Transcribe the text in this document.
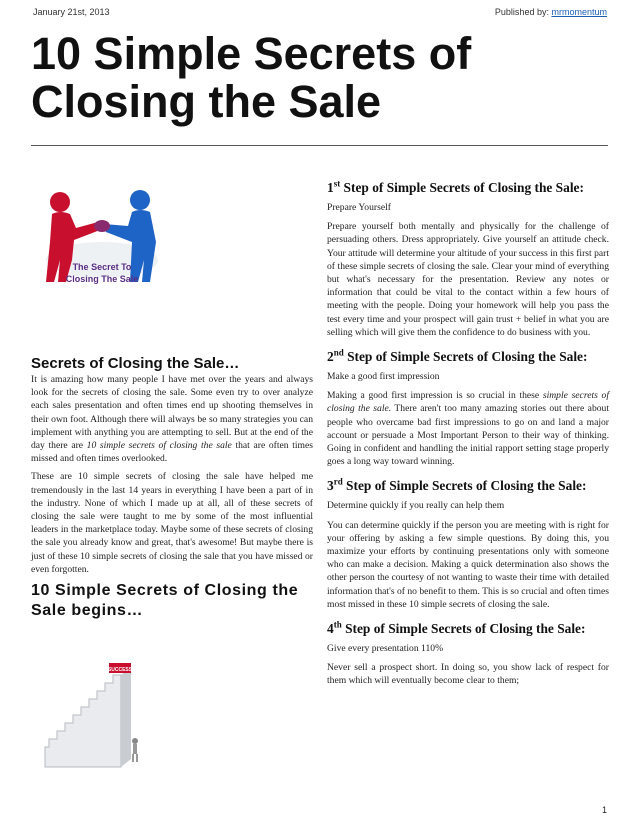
January 21st, 2013	Published by: mrmomentum
10 Simple Secrets of Closing the Sale
The Secret To
Closing The Sale
Secrets of Closing the Sale…

It is amazing how many people I have met over the years and always look for the secrets of closing the sale. Some even try to over analyze each sales presentation and often times end up shooting themselves in their own foot. Although there will always be so many strategies you can implement with anything you are attempting to sell. But at the end of the day there are 10 simple secrets of closing the sale that are often times missed and often times overlooked.

These are 10 simple secrets of closing the sale have helped me tremendously in the last 14 years in everything I have been a part of in the industry. None of which I made up at all, all of these secrets of closing the sale were taught to me by some of the most influential leaders in the marketplace today. Maybe some of these secrets of closing the sale you already know and great, that's awesome! But maybe there is just of these 10 simple secrets of closing the sale that you have missed or even forgotten.

10 Simple Secrets of Closing the Sale begins…
SUCCESS
1st Step of Simple Secrets of Closing the Sale:

Prepare Yourself

Prepare yourself both mentally and physically for the challenge of persuading others. Dress appropriately. Give yourself an attitude check. Your attitude will determine your altitude of your success in this first part of these simple secrets of closing the sale. Clear your mind of everything but what's necessary for the presentation. Review any notes or information that could be vital to the contact within a few hours of meeting with the people. Doing your homework will help you pass the test every time and your prospect will gain trust + belief in what you are selling which will give them the confidence to do business with you.

2nd Step of Simple Secrets of Closing the Sale:

Make a good first impression

Making a good first impression is so crucial in these simple secrets of closing the sale. There aren't too many amazing stories out there about people who overcame bad first impressions to go on and land a major account or persuade a Most Important Person to their way of thinking. Going in confident and handling the initial rapport setting stage properly goes a long way toward winning.

3rd Step of Simple Secrets of Closing the Sale:

Determine quickly if you really can help them

You can determine quickly if the person you are meeting with is right for your offering by asking a few simple questions. By doing this, you maximize your efforts by continuing presentations only with someone who can make a decision. Making a quick determination also shows the other person the courtesy of not wanting to waste their time with detailed information that's of no benefit to them. This is so crucial and often times most missed in these 10 simple secrets of closing the sale.

4th Step of Simple Secrets of Closing the Sale:

Give every presentation 110%

Never sell a prospect short. In doing so, you show lack of respect for them which will eventually become clear to them;

1
